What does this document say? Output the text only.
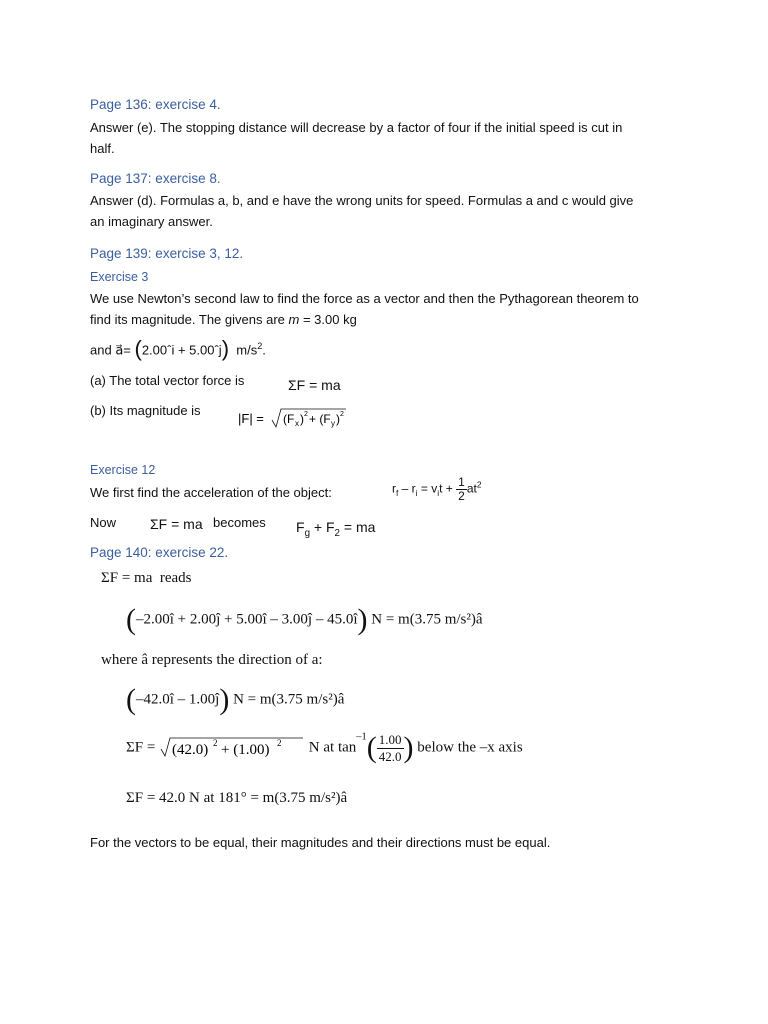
Page 136: exercise 4.
Answer (e). The stopping distance will decrease by a factor of four if the initial speed is cut in
half.
Page 137: exercise 8.
Answer (d). Formulas a, b, and e have the wrong units for speed. Formulas a and c would give
an imaginary answer.
Page 139: exercise 3, 12.
Exercise 3
We use Newton’s second law to find the force as a vector and then the Pythagorean theorem to
find its magnitude. The givens are m = 3.00 kg
and a⃗= (2.00ˆi + 5.00ˆj) $m/s^2$.
(a) The total vector force is	ΣF = ma
(b) Its magnitude is
|F| = (F x ) 2 + (F y ) 2
Exercise 12
We first find the acceleration of the object:	$r_f - r_i = v_it + \frac{1}{2} at^2$
Now ΣF = ma becomes $F_g + F_2$ = ma
Page 140: exercise 22.
ΣF = ma  reads
(–2.00î + 2.00ĵ + 5.00î – 3.00ĵ – 45.0î) N = m(3.75 m/s²)â
where â represents the direction of a:
(–42.0î – 1.00ĵ) N = m(3.75 m/s²)â
ΣF = (42.0) 2 + (1.00) 2 N at $\tan^{-1}( \frac{1.00}{42.0}$ ) below the –x axis
ΣF = 42.0 N at 181° = m(3.75 m/s²)â
For the vectors to be equal, their magnitudes and their directions must be equal.
